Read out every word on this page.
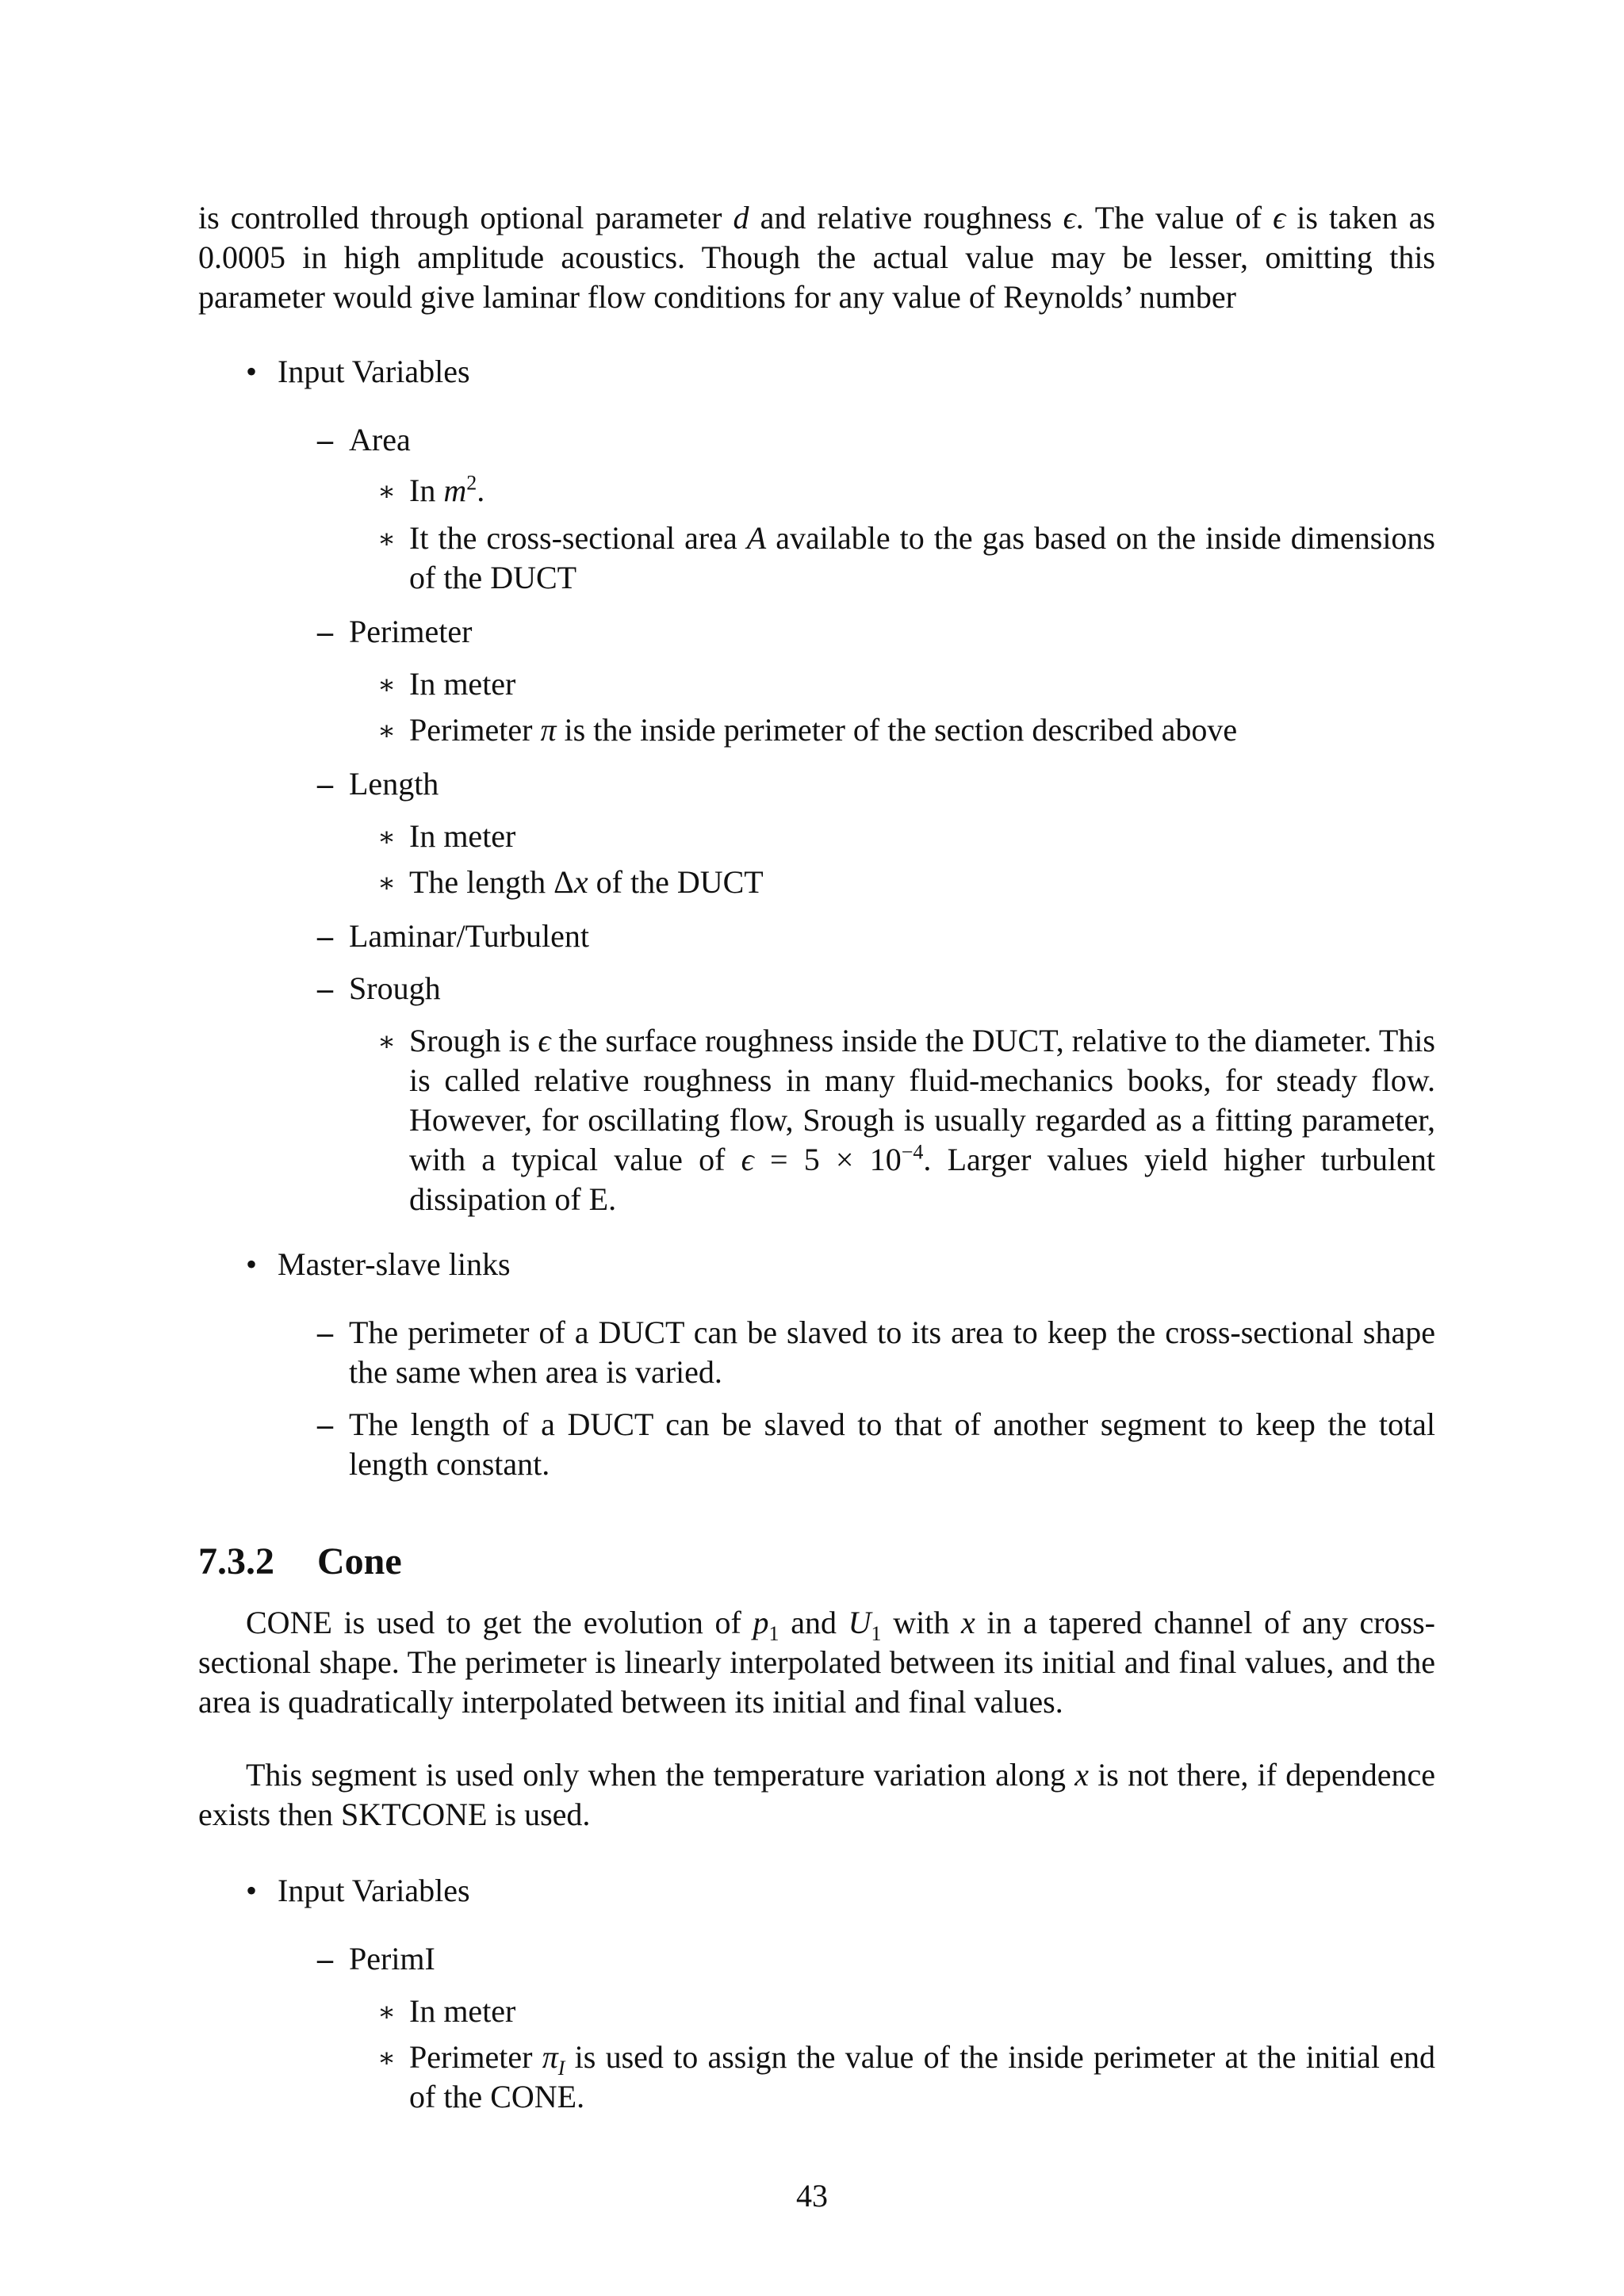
is controlled through optional parameter d and relative roughness ϵ. The value of ϵ is taken as 0.0005 in high amplitude acoustics. Though the actual value may be lesser, omitting this parameter would give laminar flow conditions for any value of Reynolds’ number

• Input Variables
– Area
∗ In $m^2$.
∗ It the cross-sectional area A available to the gas based on the inside dimensions of the DUCT
– Perimeter
∗ In meter
∗ Perimeter π is the inside perimeter of the section described above
– Length
∗ In meter
∗ The length Δx of the DUCT
– Laminar/Turbulent
– Srough
∗ Srough is ϵ the surface roughness inside the DUCT, relative to the diameter. This is called relative roughness in many fluid-mechanics books, for steady flow. However, for oscillating flow, Srough is usually regarded as a fitting parameter, with a typical value of $\epsilon = 5 \times 10^{-4}$. Larger values yield higher turbulent dissipation of E.

• Master-slave links
– The perimeter of a DUCT can be slaved to its area to keep the cross-sectional shape the same when area is varied.

– The length of a DUCT can be slaved to that of another segment to keep the total length constant.

7.3.2 Cone

CONE is used to get the evolution of $p_1$ and $U_1$ with x in a tapered channel of any cross-sectional shape. The perimeter is linearly interpolated between its initial and final values, and the area is quadratically interpolated between its initial and final values.

This segment is used only when the temperature variation along x is not there, if dependence exists then SKTCONE is used.

• Input Variables
– PerimI
∗ In meter
∗ Perimeter $\pi_I$ is used to assign the value of the inside perimeter at the initial end of the CONE.

43
